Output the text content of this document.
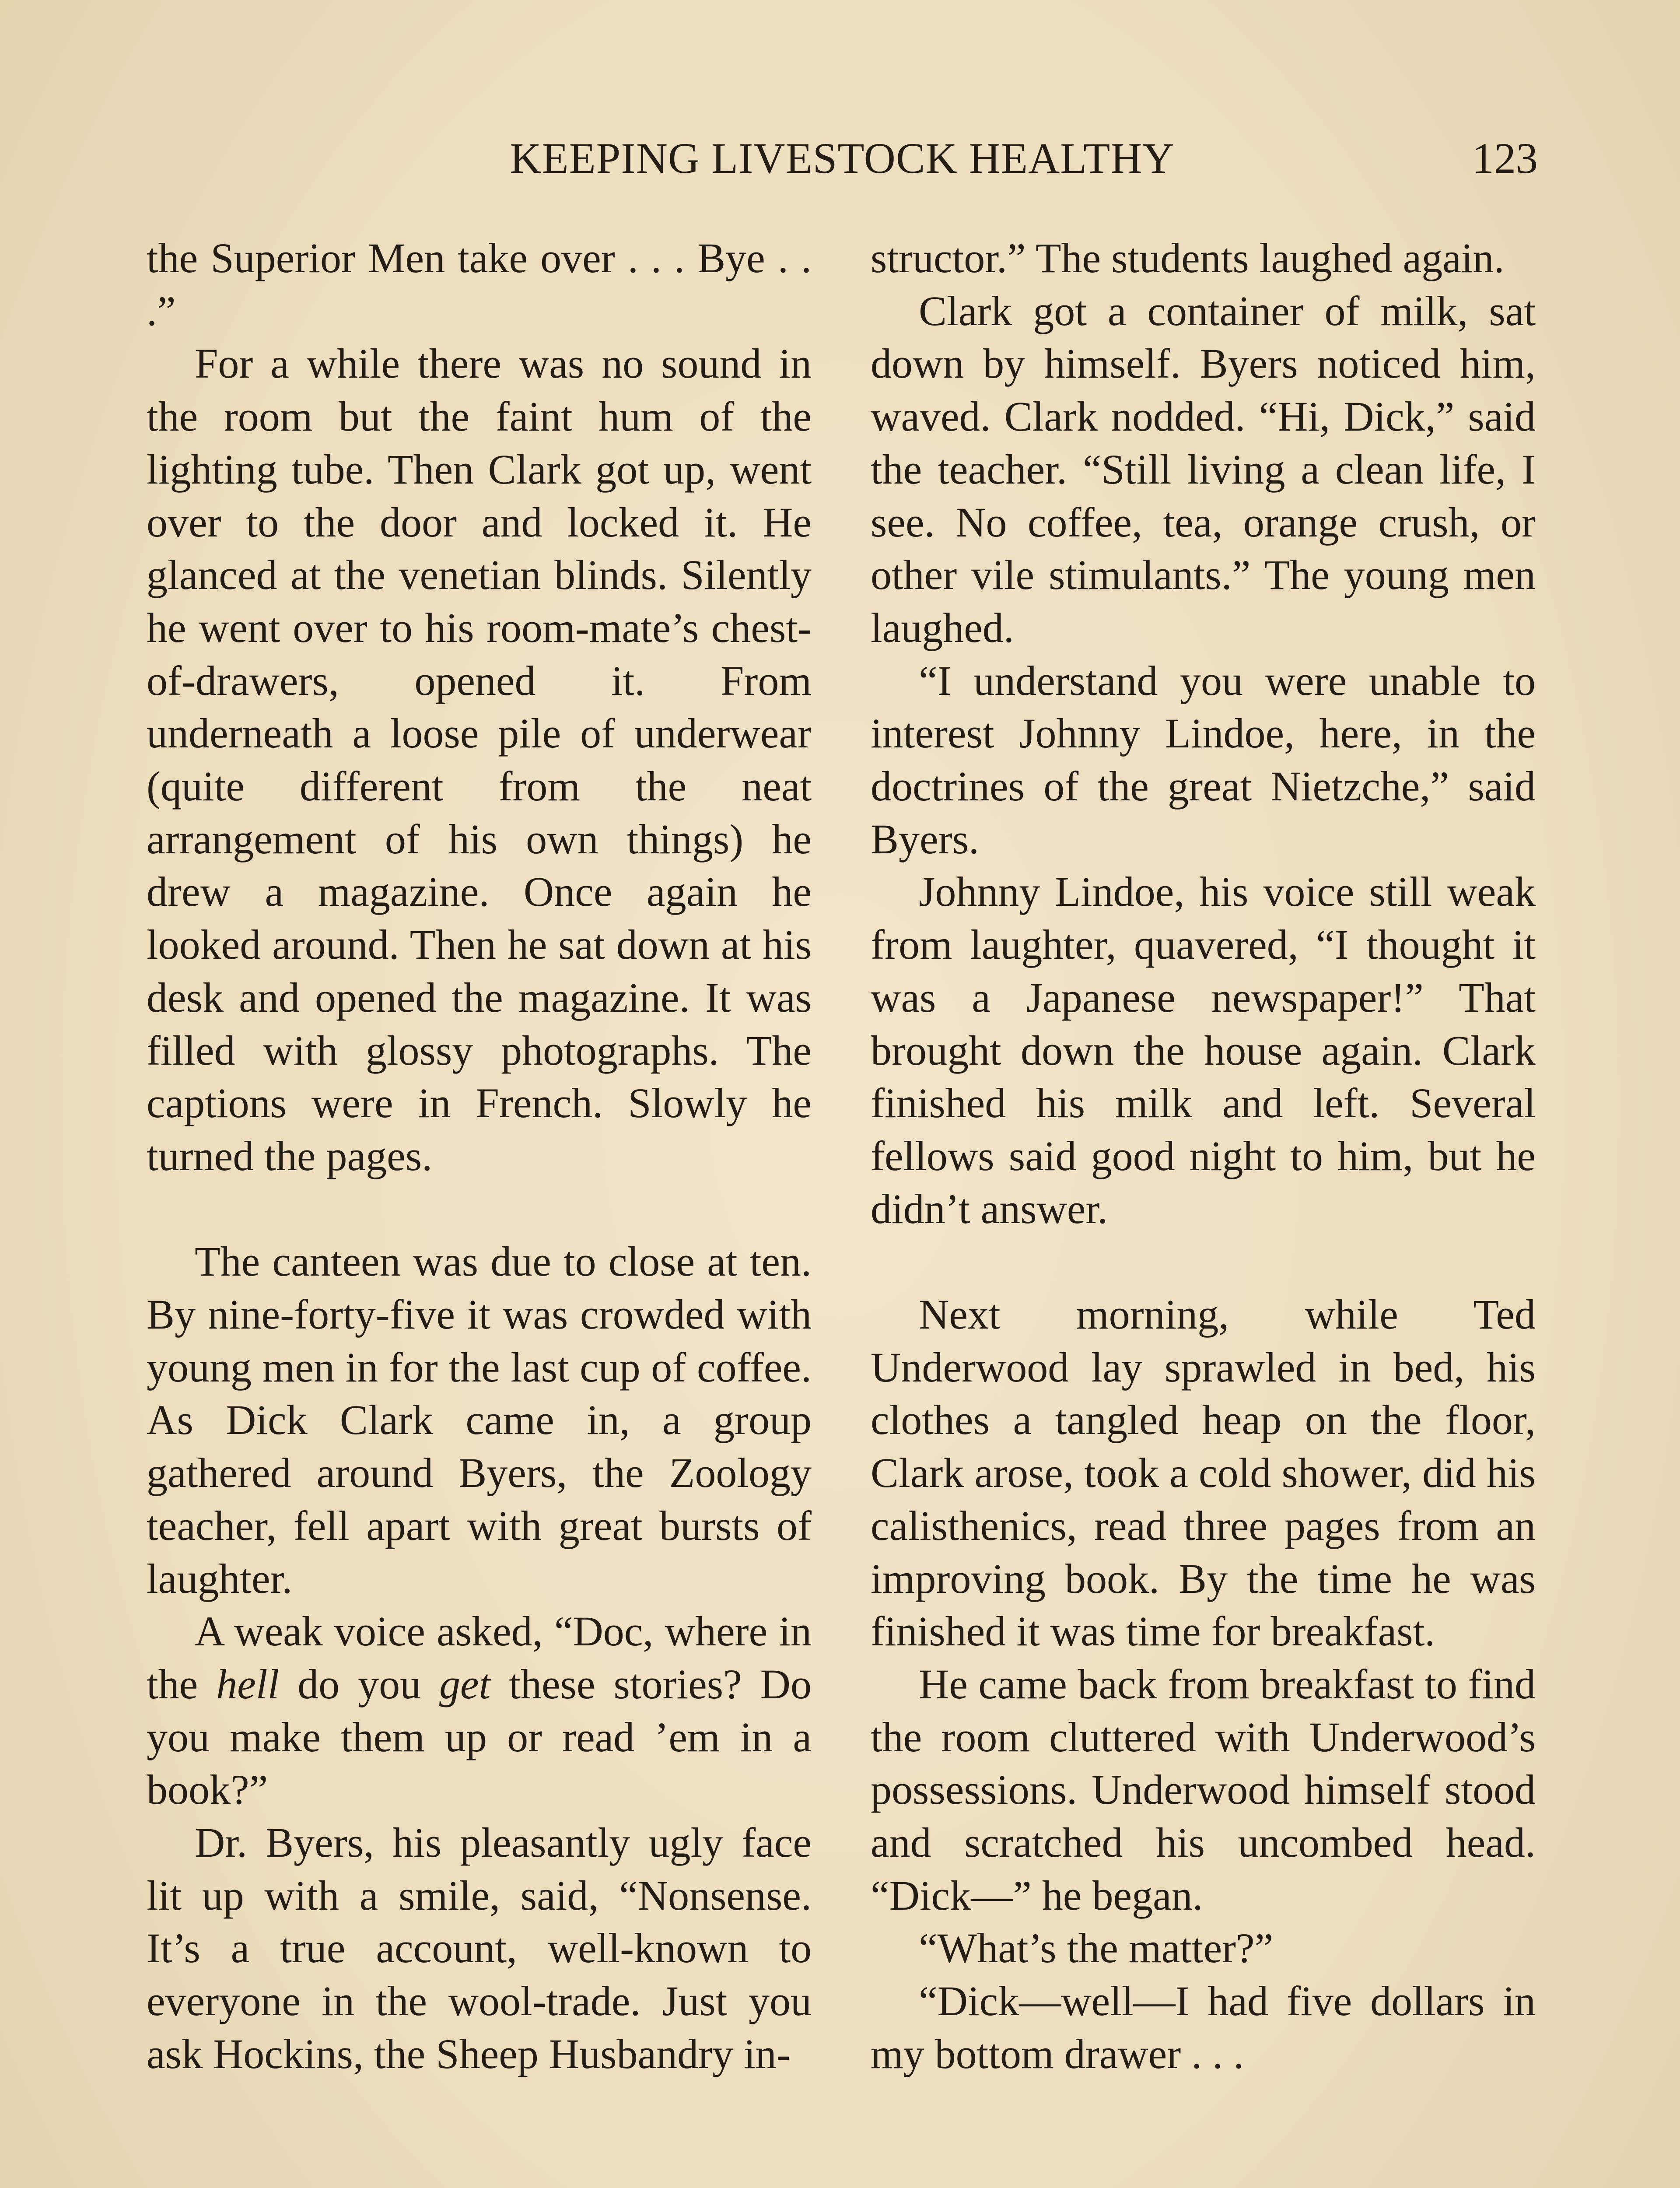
KEEPING LIVESTOCK HEALTHY	123

the Superior Men take over . . . Bye . . .”

For a while there was no sound in the room but the faint hum of the lighting tube. Then Clark got up, went over to the door and locked it. He glanced at the venetian blinds. Silently he went over to his room-mate’s chest-of-drawers, opened it. From underneath a loose pile of underwear (quite different from the neat arrangement of his own things) he drew a magazine. Once again he looked around. Then he sat down at his desk and opened the magazine. It was filled with glossy photographs. The captions were in French. Slowly he turned the pages.

The canteen was due to close at ten. By nine-forty-five it was crowded with young men in for the last cup of coffee. As Dick Clark came in, a group gathered around Byers, the Zoology teacher, fell apart with great bursts of laughter.

A weak voice asked, “Doc, where in the hell do you get these stories? Do you make them up or read ’em in a book?”

Dr. Byers, his pleasantly ugly face lit up with a smile, said, “Nonsense. It’s a true account, well-known to everyone in the wool-trade. Just you ask Hockins, the Sheep Husbandry in-

structor.” The students laughed again.

Clark got a container of milk, sat down by himself. Byers noticed him, waved. Clark nodded. “Hi, Dick,” said the teacher. “Still living a clean life, I see. No coffee, tea, orange crush, or other vile stimulants.” The young men laughed.

“I understand you were unable to interest Johnny Lindoe, here, in the doctrines of the great Nietzche,” said Byers.

Johnny Lindoe, his voice still weak from laughter, quavered, “I thought it was a Japanese newspaper!” That brought down the house again. Clark finished his milk and left. Several fellows said good night to him, but he didn’t answer.

Next morning, while Ted Underwood lay sprawled in bed, his clothes a tangled heap on the floor, Clark arose, took a cold shower, did his calisthenics, read three pages from an improving book. By the time he was finished it was time for breakfast.

He came back from breakfast to find the room cluttered with Underwood’s possessions. Underwood himself stood and scratched his uncombed head. “Dick—” he began.

“What’s the matter?”

“Dick—well—I had five dollars in my bottom drawer . . .
